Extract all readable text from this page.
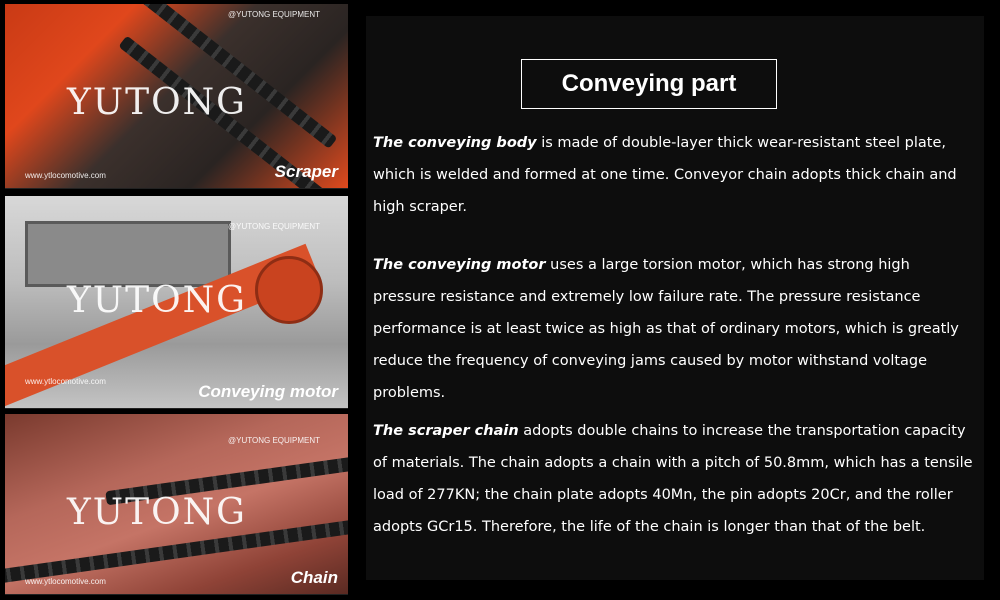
@YUTONG EQUIPMENT
YUTONG
www.ytlocomotive.com	Scraper
@YUTONG EQUIPMENT
YUTONG
www.ytlocomotive.com
Conveying motor
@YUTONG EQUIPMENT
YUTONG
www.ytlocomotive.com	Chain
Conveying part

The conveying body is made of double-layer thick wear-resistant steel plate, which is welded and formed at one time. Conveyor chain adopts thick chain and high scraper.

The conveying motor uses a large torsion motor, which has strong high pressure resistance and extremely low failure rate. The pressure resistance performance is at least twice as high as that of ordinary motors, which is greatly reduce the frequency of conveying jams caused by motor withstand voltage problems.

The scraper chain adopts double chains to increase the transportation capacity of materials. The chain adopts a chain with a pitch of 50.8mm, which has a tensile load of 277KN; the chain plate adopts 40Mn, the pin adopts 20Cr, and the roller adopts GCr15. Therefore, the life of the chain is longer than that of the belt.
